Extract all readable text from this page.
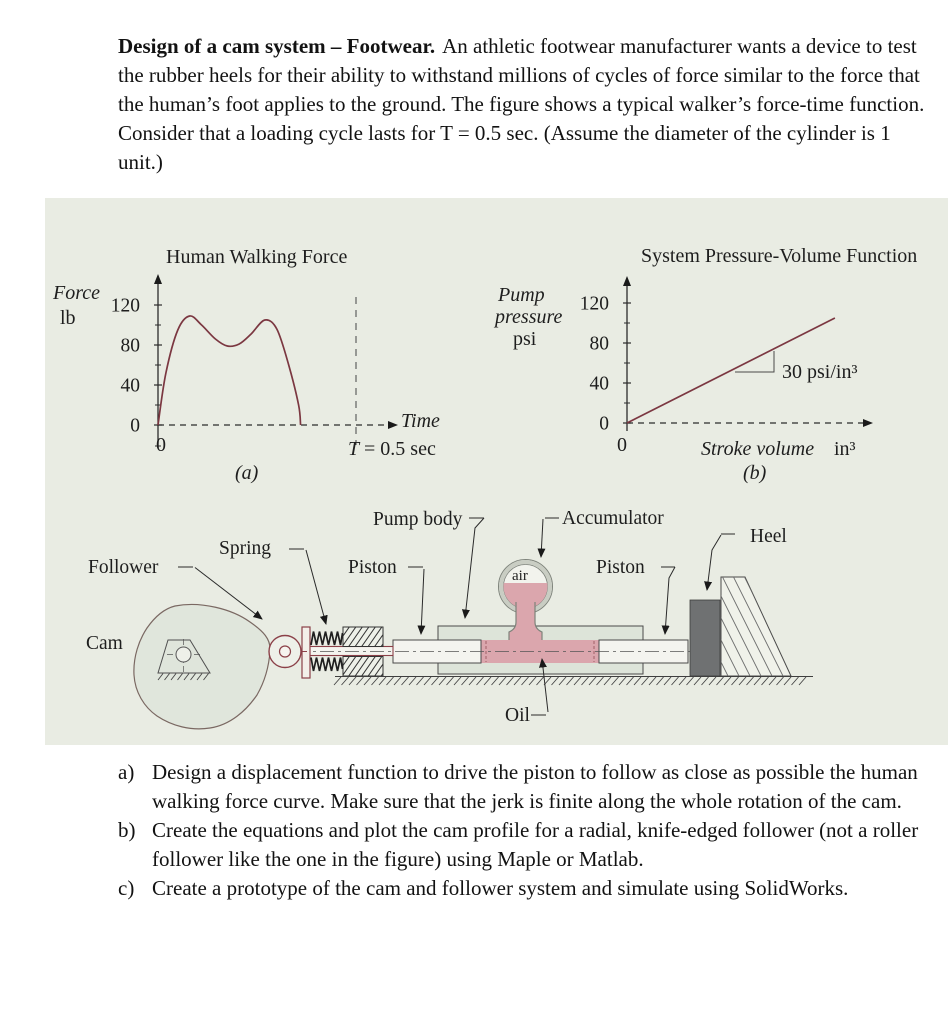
Design of a cam system – Footwear. An athletic footwear manufacturer wants a device to test the rubber heels for their ability to withstand millions of cycles of force similar to the force that the human’s foot applies to the ground. The figure shows a typical walker’s force-time function. Consider that a loading cycle lasts for T = 0.5 sec. (Assume the diameter of the cylinder is 1 unit.)
0
40
80
120
0
40
80
120
Human Walking Force
Force
lb
0
Time
T = 0.5 sec
(a)
System Pressure-Volume Function
Pump
pressure
psi
0	Stroke volume in³
30 psi/in³
(b)
Cam
Follower
Spring
Piston
Pump body	Accumulator
air	Piston
Heel
Oil
a) Design a displacement function to drive the piston to follow as close as possible the human walking force curve. Make sure that the jerk is finite along the whole rotation of the cam.
b) Create the equations and plot the cam profile for a radial, knife-edged follower (not a roller follower like the one in the figure) using Maple or Matlab.
c) Create a prototype of the cam and follower system and simulate using SolidWorks.
